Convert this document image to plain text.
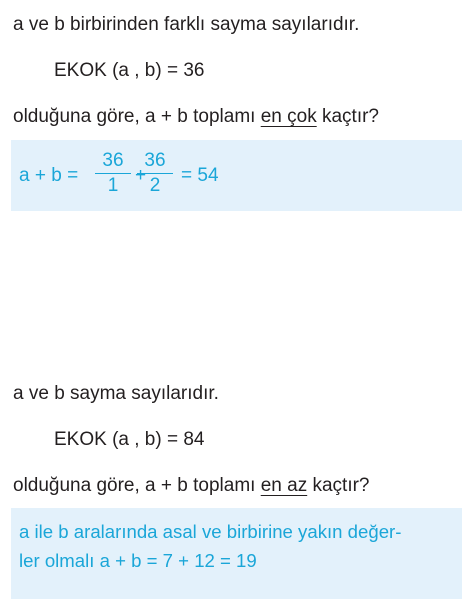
a ve b birbirinden farklı sayma sayılarıdır.
EKOK (a , b) = 36
olduğuna göre, a + b toplamı en çok kaçtır?
a + b =
36
1 +
36
2	= 54
a ve b sayma sayılarıdır.
EKOK (a , b) = 84
olduğuna göre, a + b toplamı en az kaçtır?
a ile b aralarında asal ve birbirine yakın değer-
ler olmalı a + b = 7 + 12 = 19
